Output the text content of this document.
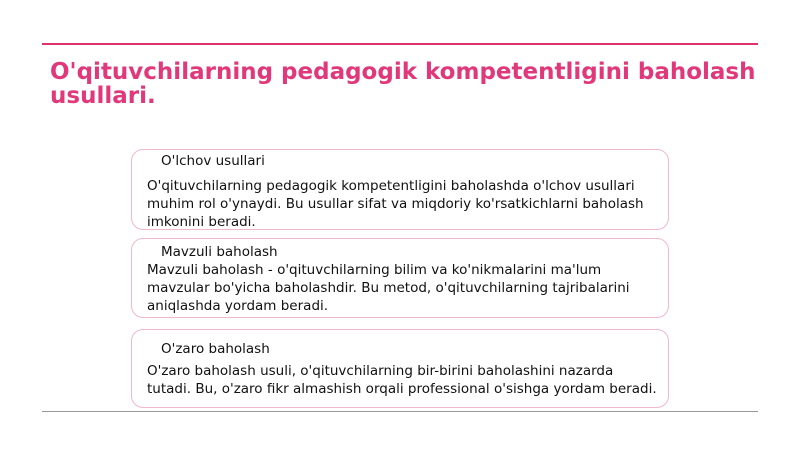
O'qituvchilarning pedagogik kompetentligini baholash usullari.
O'lchov usullari

O'qituvchilarning pedagogik kompetentligini baholashda o'lchov usullari muhim rol o'ynaydi. Bu usullar sifat va miqdoriy ko'rsatkichlarni baholash imkonini beradi.

Mavzuli baholash

Mavzuli baholash - o'qituvchilarning bilim va ko'nikmalarini ma'lum mavzular bo'yicha baholashdir. Bu metod, o'qituvchilarning tajribalarini aniqlashda yordam beradi.

O'zaro baholash

O'zaro baholash usuli, o'qituvchilarning bir-birini baholashini nazarda tutadi. Bu, o'zaro fikr almashish orqali professional o'sishga yordam beradi.
